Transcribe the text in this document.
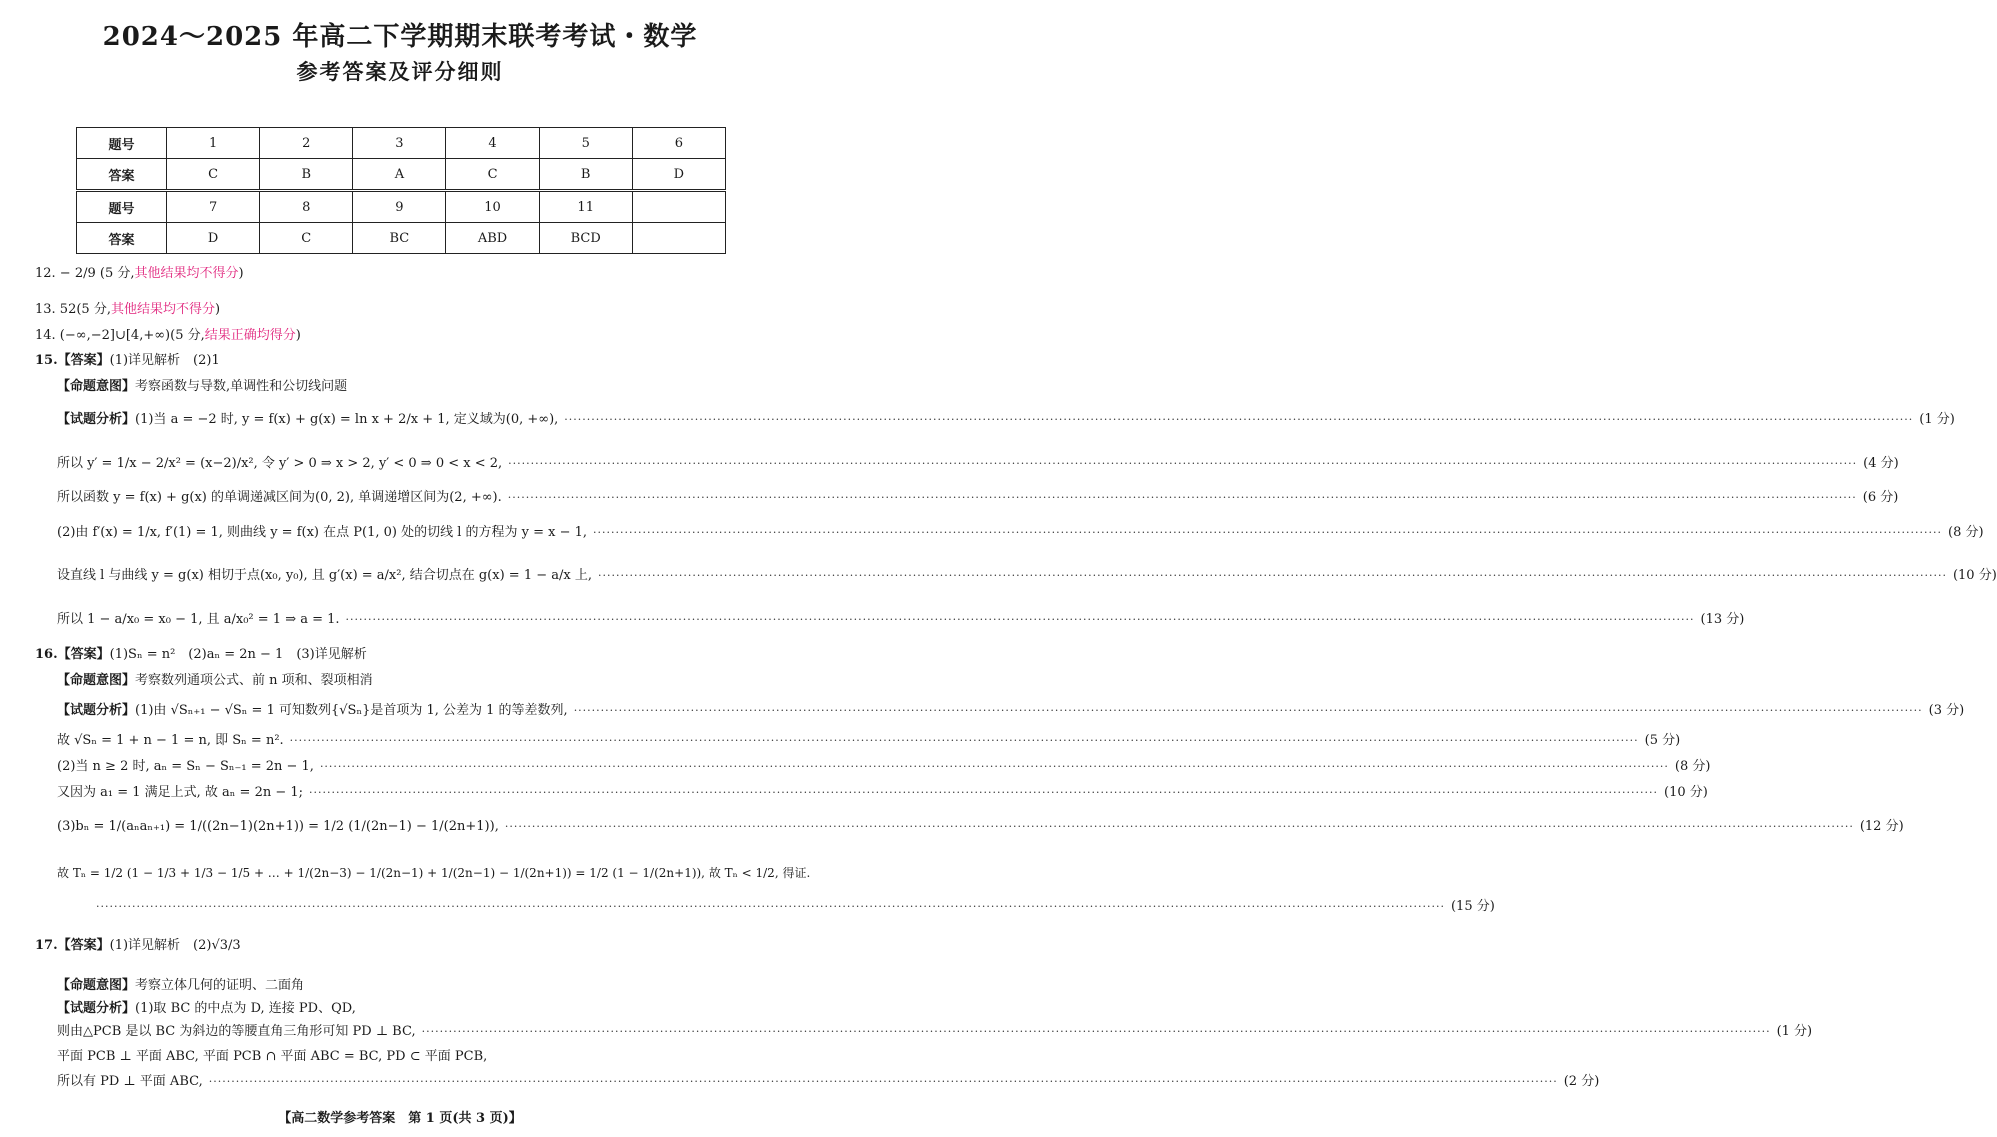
2024～2025 年高二下学期期末联考考试・数学
参考答案及评分细则
题号	1	2	3	4	5	6
答案	C	B	A	C	B	D
题号	7	8	9	10	11	
答案	D	C	BC	ABD	BCD	
12. − 2/9 (5 分,其他结果均不得分)
13. 52(5 分,其他结果均不得分)
14. (−∞,−2]∪[4,+∞)(5 分,结果正确均得分)
15.【答案】(1)详见解析　(2)1
【命题意图】考察函数与导数,单调性和公切线问题
【试题分析】(1)当 a = −2 时, y = f(x) + g(x) = ln x + 2/x + 1, 定义域为(0, +∞), ············································································································································································································································································································ (1 分)
所以 y′ = 1/x − 2/x² = (x−2)/x², 令 y′ > 0 ⇒ x > 2, y′ < 0 ⇒ 0 < x < 2, ············································································································································································································································································································ (4 分)
所以函数 y = f(x) + g(x) 的单调递减区间为(0, 2), 单调递增区间为(2, +∞). ············································································································································································································································································································ (6 分)
(2)由 f′(x) = 1/x, f′(1) = 1, 则曲线 y = f(x) 在点 P(1, 0) 处的切线 l 的方程为 y = x − 1, ············································································································································································································································································································ (8 分)
设直线 l 与曲线 y = g(x) 相切于点(x₀, y₀), 且 g′(x) = a/x², 结合切点在 g(x) = 1 − a/x 上, ············································································································································································································································································································ (10 分)
所以 1 − a/x₀ = x₀ − 1, 且 a/x₀² = 1 ⇒ a = 1. ············································································································································································································································································································ (13 分)
16.【答案】(1)Sₙ = n²　(2)aₙ = 2n − 1　(3)详见解析
【命题意图】考察数列通项公式、前 n 项和、裂项相消
【试题分析】(1)由 √Sₙ₊₁ − √Sₙ = 1 可知数列{√Sₙ}是首项为 1, 公差为 1 的等差数列, ············································································································································································································································································································ (3 分)
故 √Sₙ = 1 + n − 1 = n, 即 Sₙ = n². ············································································································································································································································································································ (5 分)
(2)当 n ≥ 2 时, aₙ = Sₙ − Sₙ₋₁ = 2n − 1, ············································································································································································································································································································ (8 分)
又因为 a₁ = 1 满足上式, 故 aₙ = 2n − 1; ············································································································································································································································································································ (10 分)
(3)bₙ = 1/(aₙaₙ₊₁) = 1/((2n−1)(2n+1)) = 1/2 (1/(2n−1) − 1/(2n+1)), ············································································································································································································································································································ (12 分)
故 Tₙ = 1/2 (1 − 1/3 + 1/3 − 1/5 + … + 1/(2n−3) − 1/(2n−1) + 1/(2n−1) − 1/(2n+1)) = 1/2 (1 − 1/(2n+1)), 故 Tₙ < 1/2, 得证.
············································································································································································································································································································ (15 分)
17.【答案】(1)详见解析　(2)√3/3
【命题意图】考察立体几何的证明、二面角
【试题分析】(1)取 BC 的中点为 D, 连接 PD、QD,
则由△PCB 是以 BC 为斜边的等腰直角三角形可知 PD ⊥ BC, ············································································································································································································································································································ (1 分)
平面 PCB ⊥ 平面 ABC, 平面 PCB ∩ 平面 ABC = BC, PD ⊂ 平面 PCB,
所以有 PD ⊥ 平面 ABC, ············································································································································································································································································································ (2 分)
【高二数学参考答案　第 1 页(共 3 页)】
